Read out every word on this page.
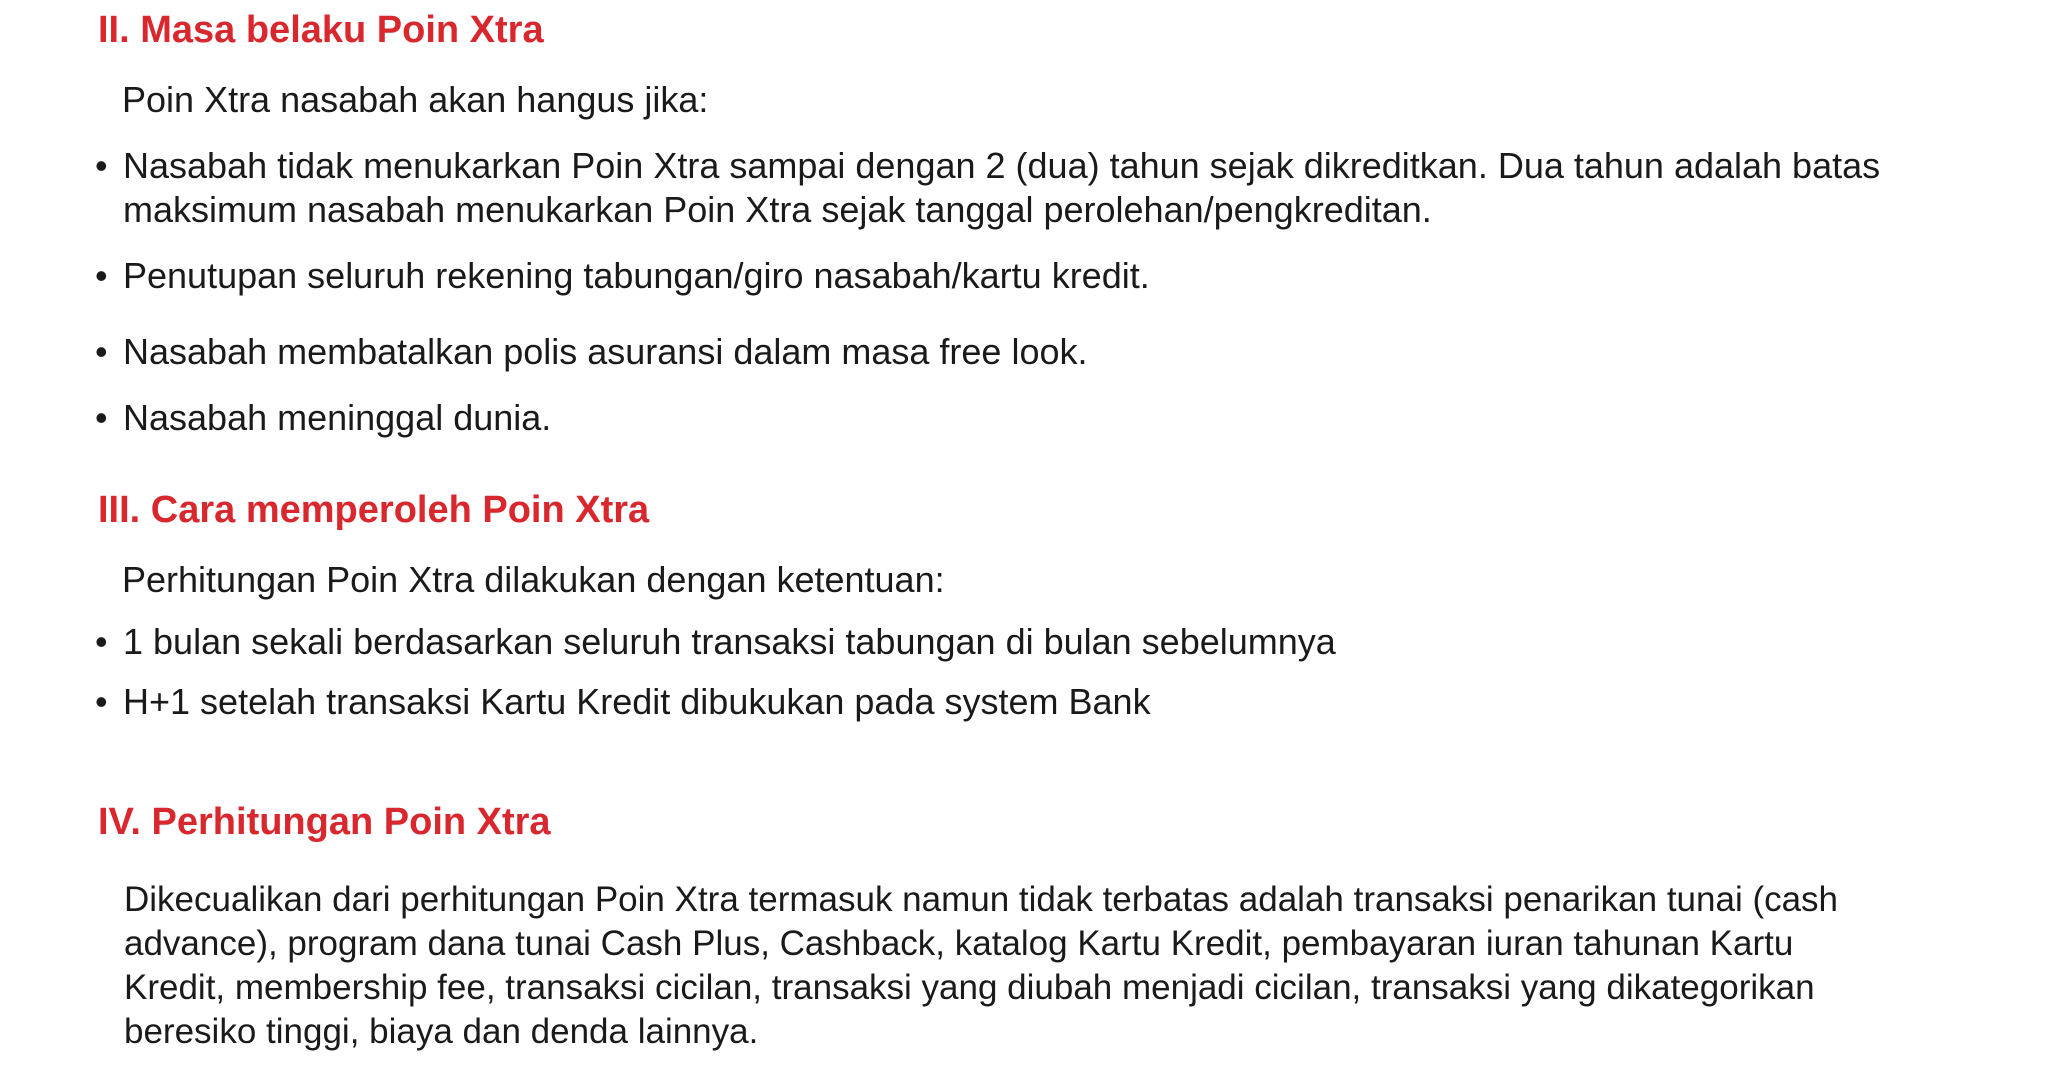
II. Masa belaku Poin Xtra

Poin Xtra nasabah akan hangus jika:

• Nasabah tidak menukarkan Poin Xtra sampai dengan 2 (dua) tahun sejak dikreditkan. Dua tahun adalah batas maksimum nasabah menukarkan Poin Xtra sejak tanggal perolehan/pengkreditan.
• Penutupan seluruh rekening tabungan/giro nasabah/kartu kredit.
• Nasabah membatalkan polis asuransi dalam masa free look.
• Nasabah meninggal dunia.
III. Cara memperoleh Poin Xtra

Perhitungan Poin Xtra dilakukan dengan ketentuan:

• 1 bulan sekali berdasarkan seluruh transaksi tabungan di bulan sebelumnya
• H+1 setelah transaksi Kartu Kredit dibukukan pada system Bank
IV. Perhitungan Poin Xtra

Dikecualikan dari perhitungan Poin Xtra termasuk namun tidak terbatas adalah transaksi penarikan tunai (cash advance), program dana tunai Cash Plus, Cashback, katalog Kartu Kredit, pembayaran iuran tahunan Kartu Kredit, membership fee, transaksi cicilan, transaksi yang diubah menjadi cicilan, transaksi yang dikategorikan beresiko tinggi, biaya dan denda lainnya.
